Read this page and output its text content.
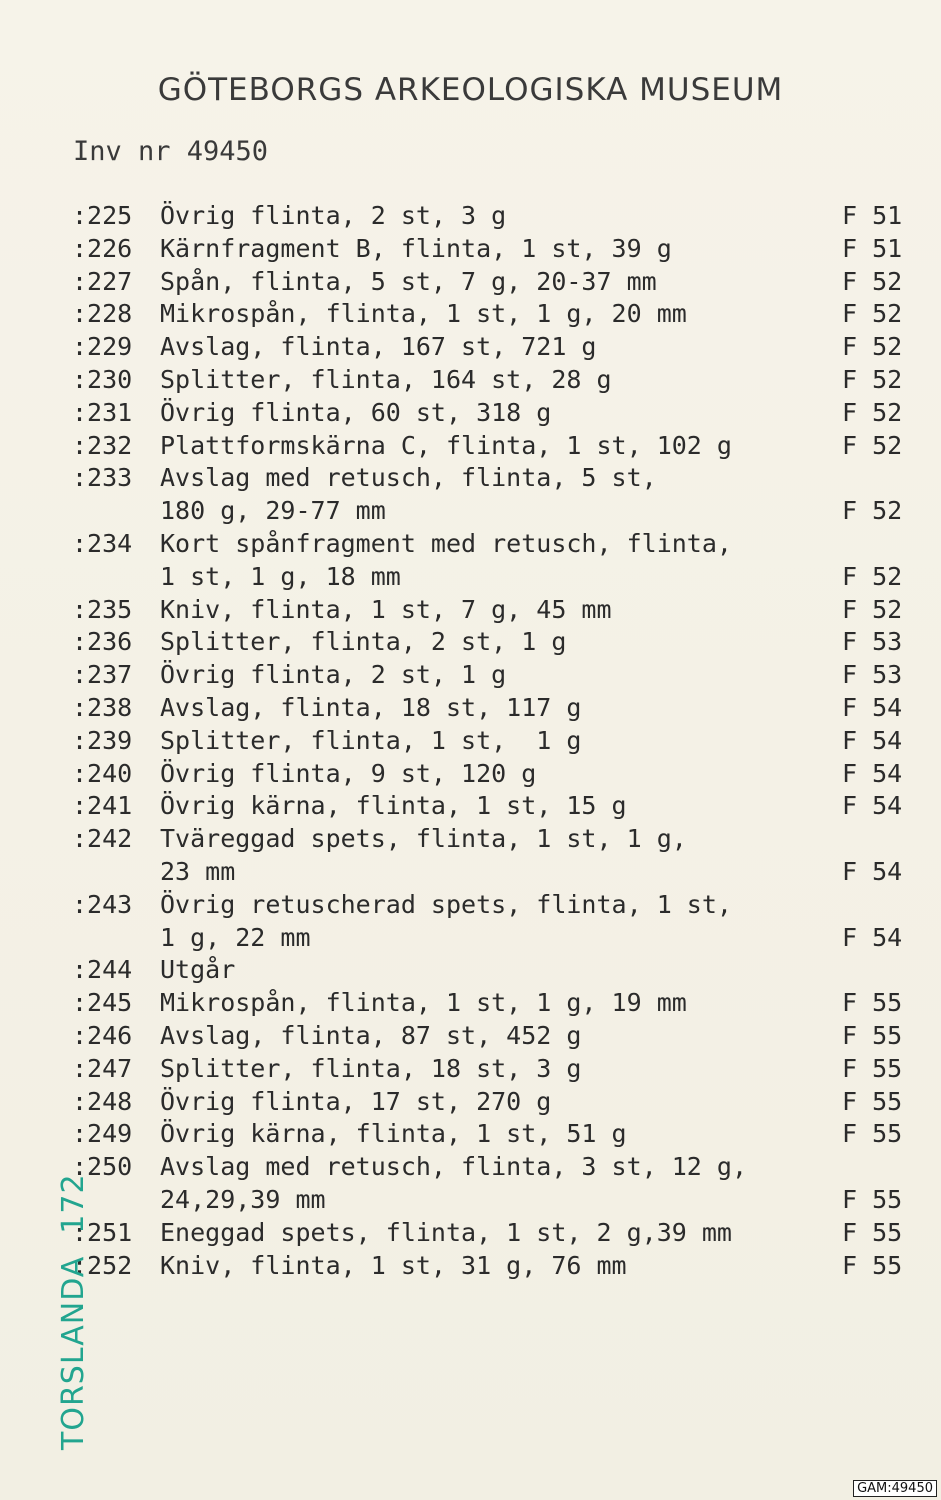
GÖTEBORGS ARKEOLOGISKA MUSEUM
Inv nr 49450
:225 Övrig flinta, 2 st, 3 g	F 51
:226 Kärnfragment B, flinta, 1 st, 39 g	F 51
:227 Spån, flinta, 5 st, 7 g, 20-37 mm	F 52
:228 Mikrospån, flinta, 1 st, 1 g, 20 mm	F 52
:229 Avslag, flinta, 167 st, 721 g	F 52
:230 Splitter, flinta, 164 st, 28 g	F 52
:231 Övrig flinta, 60 st, 318 g	F 52
:232 Plattformskärna C, flinta, 1 st, 102 g	F 52
:233 Avslag med retusch, flinta, 5 st,
180 g, 29-77 mm	F 52
:234 Kort spånfragment med retusch, flinta,
1 st, 1 g, 18 mm	F 52
:235 Kniv, flinta, 1 st, 7 g, 45 mm	F 52
:236 Splitter, flinta, 2 st, 1 g	F 53
:237 Övrig flinta, 2 st, 1 g	F 53
:238 Avslag, flinta, 18 st, 117 g	F 54
:239 Splitter, flinta, 1 st,  1 g	F 54
:240 Övrig flinta, 9 st, 120 g	F 54
:241 Övrig kärna, flinta, 1 st, 15 g	F 54
:242 Tväreggad spets, flinta, 1 st, 1 g,
23 mm	F 54
:243 Övrig retuscherad spets, flinta, 1 st,
1 g, 22 mm	F 54
:244 Utgår
:245 Mikrospån, flinta, 1 st, 1 g, 19 mm	F 55
:246 Avslag, flinta, 87 st, 452 g	F 55
:247 Splitter, flinta, 18 st, 3 g	F 55
:248 Övrig flinta, 17 st, 270 g	F 55
:249 Övrig kärna, flinta, 1 st, 51 g	F 55
:250 Avslag med retusch, flinta, 3 st, 12 g,
24,29,39 mm	F 55
:251 Eneggad spets, flinta, 1 st, 2 g,39 mm	F 55
:252 Kniv, flinta, 1 st, 31 g, 76 mm	F 55
TORSLANDA172
GAM:49450
